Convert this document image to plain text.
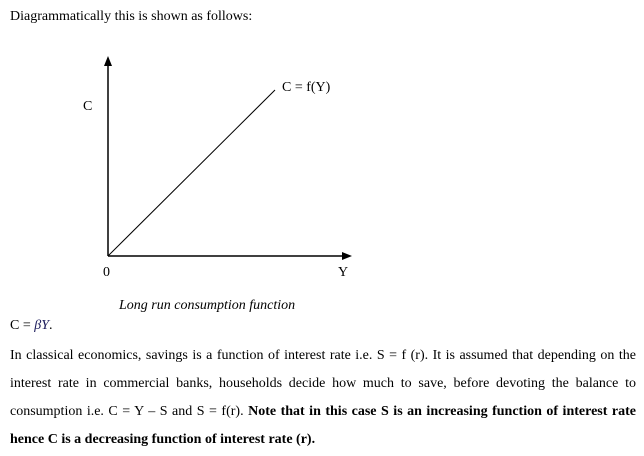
Diagrammatically this is shown as follows:
C
Y
0
C = f(Y)
Long run consumption function
C = βY.
In classical economics, savings is a function of interest rate i.e. S = f (r). It is assumed that depending on the interest rate in commercial banks, households decide how much to save, before devoting the balance to consumption i.e. C = Y – S and S = f(r). Note that in this case S is an increasing function of interest rate hence C is a decreasing function of interest rate (r).
